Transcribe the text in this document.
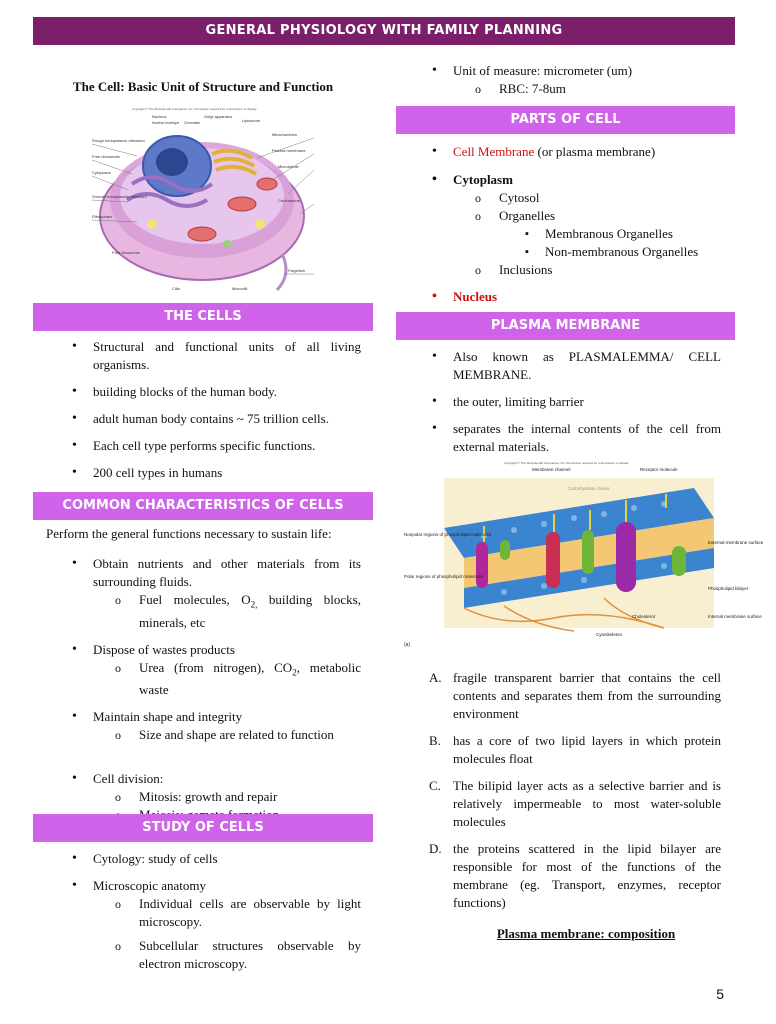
GENERAL PHYSIOLOGY WITH FAMILY PLANNING
The Cell: Basic Unit of Structure and Function
Copyright © The McGraw-Hill Companies, Inc. Permission required for reproduction or display.
Rough endoplasmic reticulum
Free ribosomes
Cytoplasm
Smooth endoplasmic reticulum
Ribosomes
Nucleus
Nuclear envelope Chromatin
Golgi apparatus
Lysosome
Mitochondrion
Plasma membrane
Microtubule
Centrosome
Flagellum
Microvilli
Free ribosomes
Cilia
THE CELLS
• Structural and functional units of all living organisms.
• building blocks of the human body.
• adult human body contains ~ 75 trillion cells.
• Each cell type performs specific functions.
• 200 cell types in humans
COMMON CHARACTERISTICS OF CELLS
Perform the general functions necessary to sustain life:
• Obtain nutrients and other materials from its surrounding fluids.
o Fuel molecules, $O_{2,}$ building blocks, minerals, etc
• Dispose of wastes products
o Urea (from nitrogen), $CO_2$, metabolic waste
• Maintain shape and integrity
o Size and shape are related to function
• Cell division:
o Mitosis: growth and repair
o
STUDY OF CELLS
• Cytology: study of cells
• Microscopic anatomy
o Individual cells are observable by light microscopy.
o Subcellular structures observable by electron microscopy.
• Unit of measure: micrometer (um)
o RBC: 7-8um
PARTS OF CELL
• Cell Membrane (or plasma membrane)
• Cytoplasm
o Cytosol
o Organelles
▪ Membranous Organelles
▪ Non-membranous Organelles
o Inclusions
• Nucleus
PLASMA MEMBRANE
• Also known as PLASMALEMMA/ CELL MEMBRANE.
• the outer, limiting barrier
• separates the internal contents of the cell from external materials.
Copyright © The McGraw-Hill Companies, Inc. Permission required for reproduction or display.
Membrane channel	Receptor molecule
Nonpolar regions of phospholipid molecules
Polar regions of phospholipid molecules
External membrane surface
Phospholipid bilayer
Internal membrane surface
Cholesterol
Cytoskeleton
(a)
A. fragile transparent barrier that contains the cell contents and separates them from the surrounding environment
B. has a core of two lipid layers in which protein molecules float
C. The bilipid layer acts as a selective barrier and is relatively impermeable to most water-soluble molecules
D. the proteins scattered in the lipid bilayer are responsible for most of the functions of the membrane (eg. Transport, enzymes, receptor functions)
Plasma membrane: composition
5
